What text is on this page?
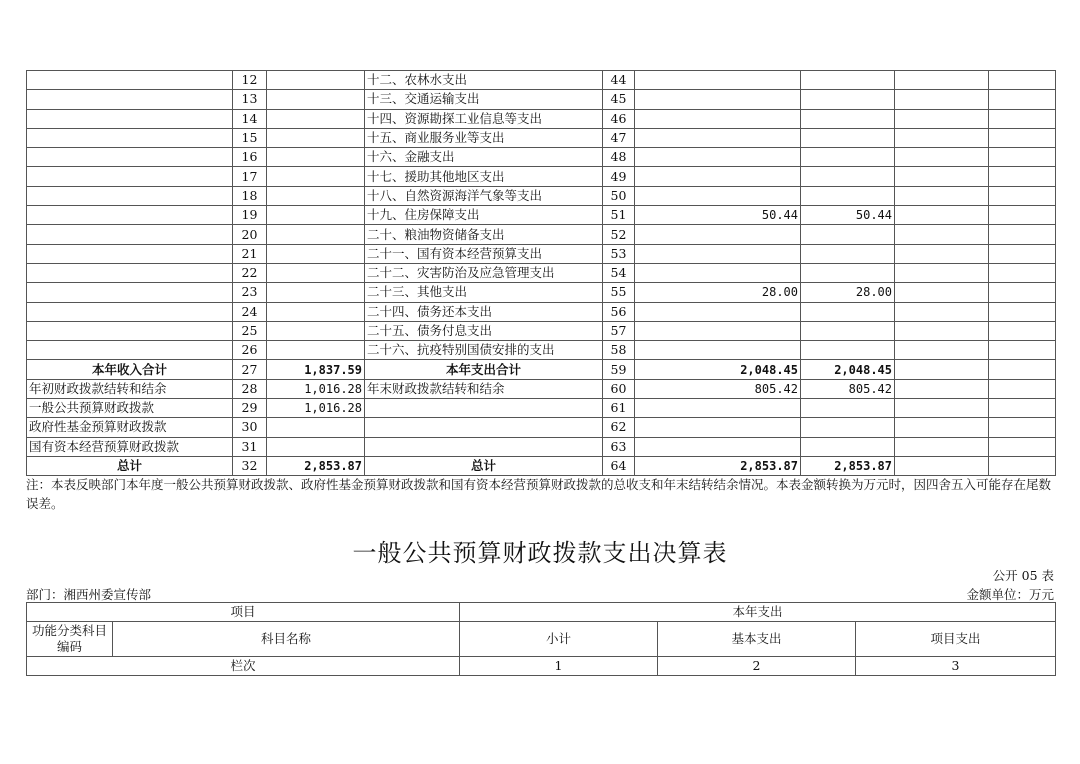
	12		十二、农林水支出	44				
	13		十三、交通运输支出	45				
	14		十四、资源勘探工业信息等支出	46				
	15		十五、商业服务业等支出	47				
	16		十六、金融支出	48				
	17		十七、援助其他地区支出	49				
	18		十八、自然资源海洋气象等支出	50				
	19		十九、住房保障支出	51	50.44	50.44		
	20		二十、粮油物资储备支出	52				
	21		二十一、国有资本经营预算支出	53				
	22		二十二、灾害防治及应急管理支出	54				
	23		二十三、其他支出	55	28.00	28.00		
	24		二十四、债务还本支出	56				
	25		二十五、债务付息支出	57				
	26		二十六、抗疫特别国债安排的支出	58				
本年收入合计	27	1,837.59	本年支出合计	59	2,048.45	2,048.45		
年初财政拨款结转和结余	28	1,016.28	年末财政拨款结转和结余	60	805.42	805.42		
一般公共预算财政拨款	29	1,016.28		61				
政府性基金预算财政拨款	30			62				
国有资本经营预算财政拨款	31			63				
总计	32	2,853.87	总计	64	2,853.87	2,853.87		
注：本表反映部门本年度一般公共预算财政拨款、政府性基金预算财政拨款和国有资本经营预算财政拨款的总收支和年末结转结余情况。本表金额转换为万元时，因四舍五入可能存在尾数误差。
一般公共预算财政拨款支出决算表
公开 05 表
部门：湘西州委宣传部	金额单位：万元
项目		本年支出		
功能分类科目编码	科目名称	小计	基本支出	项目支出
栏次		1	2	3
